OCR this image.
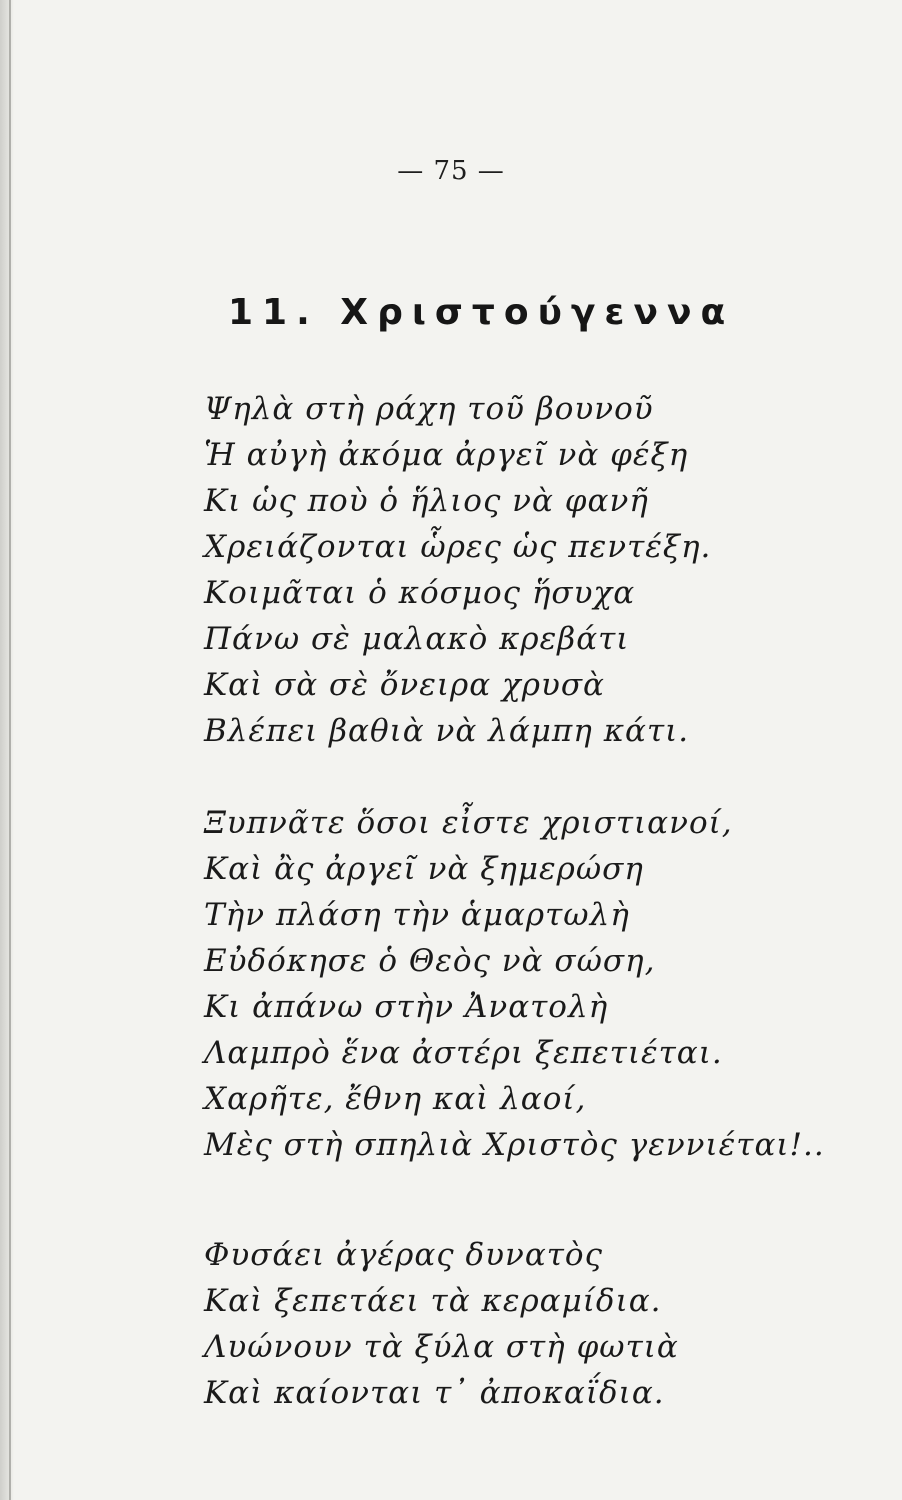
— 75 —
11. Χριστούγεννα
Ψηλὰ στὴ ράχη τοῦ βουνοῦ
Ἡ αὐγὴ ἀκόμα ἀργεῖ νὰ φέξη
Κι ὡς ποὺ ὁ ἥλιος νὰ φανῆ
Χρειάζονται ὧρες ὡς πεντέξη.
Κοιμᾶται ὁ κόσμος ἥσυχα
Πάνω σὲ μαλακὸ κρεβάτι
Καὶ σὰ σὲ ὄνειρα χρυσὰ
Βλέπει βαθιὰ νὰ λάμπη κάτι.
Ξυπνᾶτε ὅσοι εἶστε χριστιανοί,
Καὶ ἂς ἀργεῖ νὰ ξημερώση
Τὴν πλάση τὴν ἁμαρτωλὴ
Εὐδόκησε ὁ Θεὸς νὰ σώση,
Κι ἀπάνω στὴν Ἀνατολὴ
Λαμπρὸ ἕνα ἀστέρι ξεπετιέται.
Χαρῆτε, ἔθνη καὶ λαοί,
Μὲς στὴ σπηλιὰ Χριστὸς γεννιέται!..
Φυσάει ἀγέρας δυνατὸς
Καὶ ξεπετάει τὰ κεραμίδια.
Λυώνουν τὰ ξύλα στὴ φωτιὰ
Καὶ καίονται τ᾿ ἀποκαΐδια.
